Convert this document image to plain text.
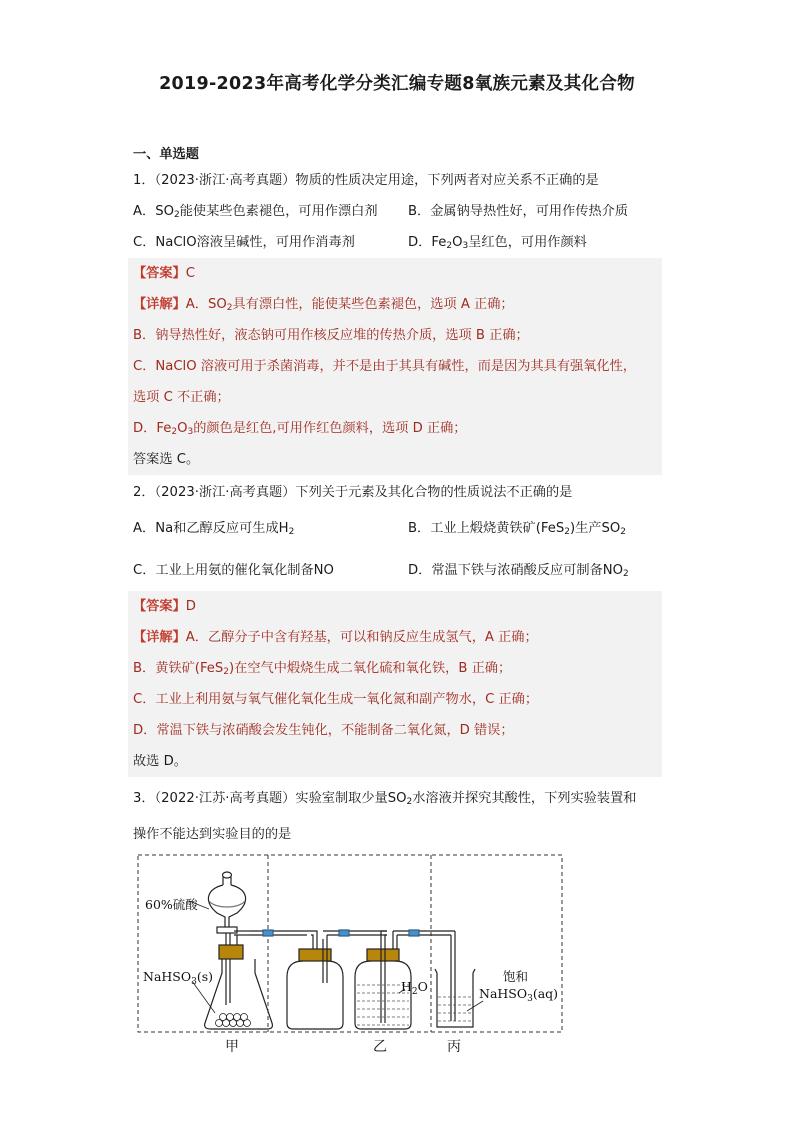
2019-2023年高考化学分类汇编专题8氧族元素及其化合物
一、单选题
1．（2023·浙江·高考真题）物质的性质决定用途，下列两者对应关系不正确的是
A．$SO_2$能使某些色素褪色，可用作漂白剂 B．金属钠导热性好，可用作传热介质
C．NaClO溶液呈碱性，可用作消毒剂	D．$Fe_2O_3$呈红色，可用作颜料
【答案】C
【详解】A．$SO_2$具有漂白性，能使某些色素褪色，选项 A 正确；
B．钠导热性好，液态钠可用作核反应堆的传热介质，选项 B 正确；
C．NaClO 溶液可用于杀菌消毒，并不是由于其具有碱性，而是因为其具有强氧化性，
选项 C 不正确；
D．$Fe_2O_3$的颜色是红色,可用作红色颜料，选项 D 正确；
答案选 C。
2．（2023·浙江·高考真题）下列关于元素及其化合物的性质说法不正确的是
A．Na和乙醇反应可生成$H_2$	B．工业上煅烧黄铁矿(FeS$_2$)生产$SO_2$
C．工业上用氨的催化氧化制备NO	D．常温下铁与浓硝酸反应可制备$NO_2$
【答案】D
【详解】A．乙醇分子中含有羟基，可以和钠反应生成氢气，A 正确；
B．黄铁矿(FeS$_2$)在空气中煅烧生成二氧化硫和氧化铁，B 正确；
C．工业上利用氨与氧气催化氧化生成一氧化氮和副产物水，C 正确；
D．常温下铁与浓硝酸会发生钝化，不能制备二氧化氮，D 错误；
故选 D。
3．（2022·江苏·高考真题）实验室制取少量$SO_2$水溶液并探究其酸性，下列实验装置和
操作不能达到实验目的的是
60%硫酸
NaHSO$_3$(s)
$H_2O$
饱和
NaHSO$_3$(aq)
甲	乙	丙
